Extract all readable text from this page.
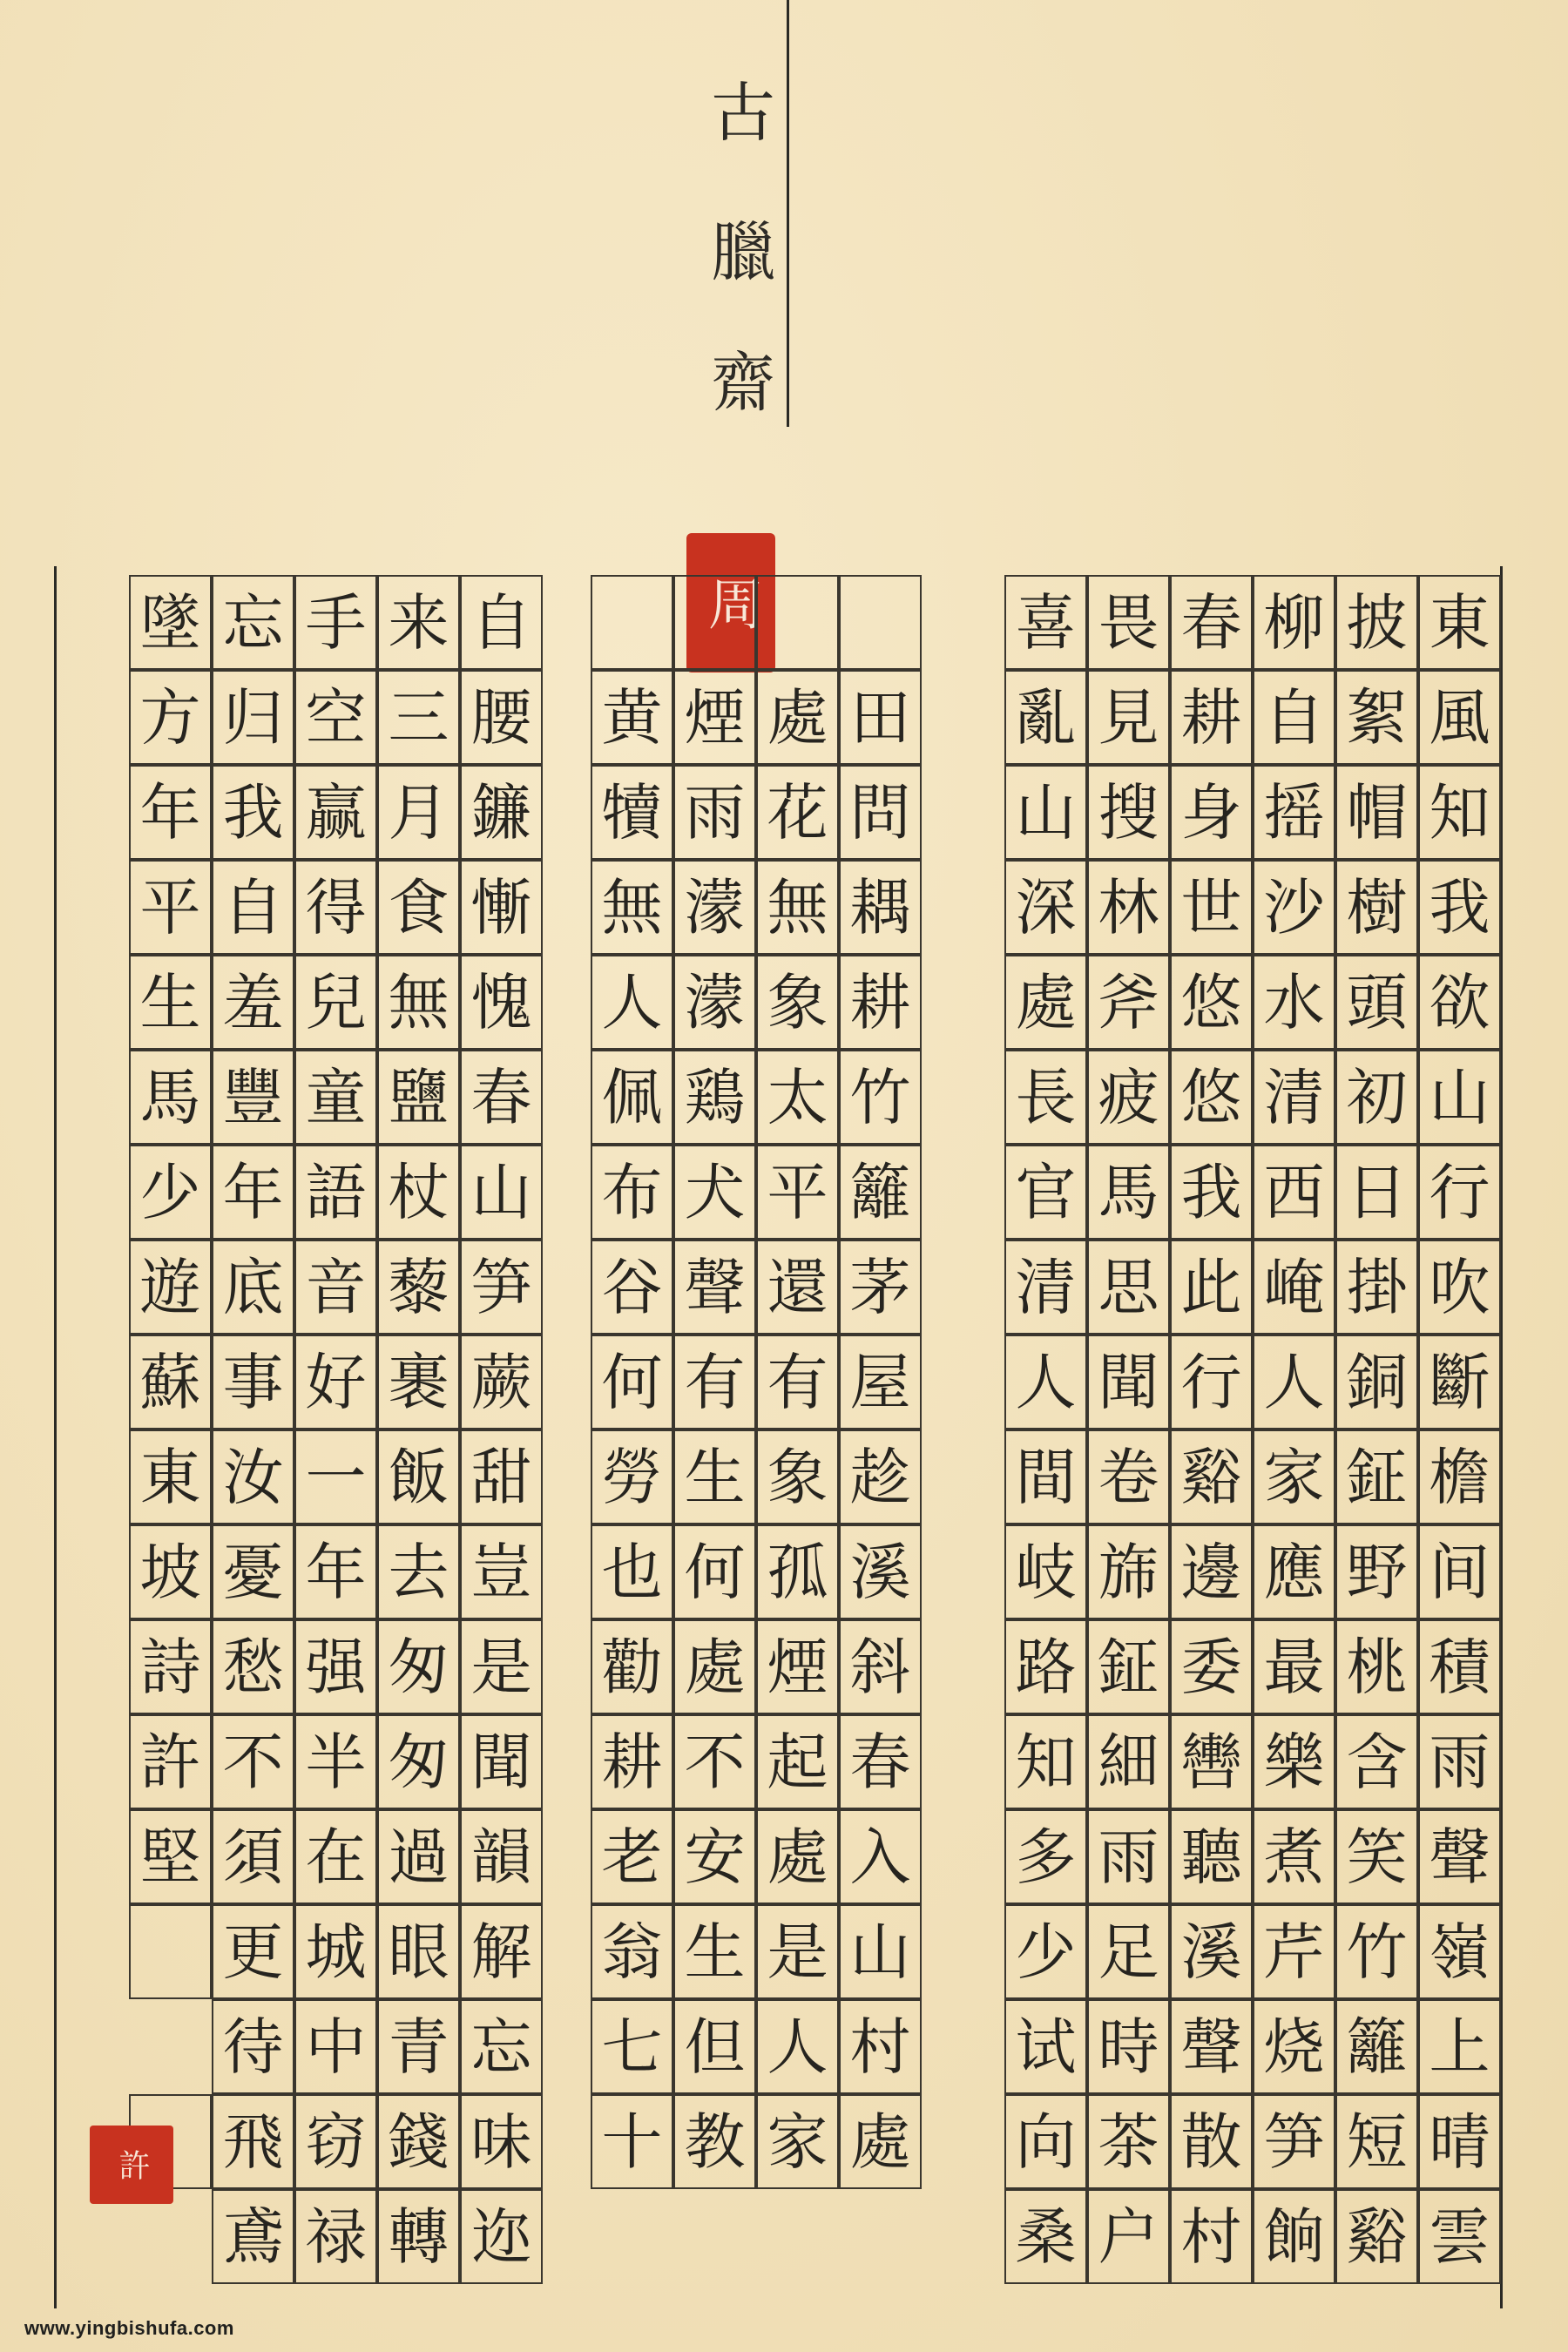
古
臘
齋
周	東
風
知
我
欲
山
行
吹
斷
檐
间
積
雨
聲
嶺
上
晴
雲
披
絮
帽
樹
頭
初
日
掛
銅
鉦
野
桃
含
笑
竹
籬
短
谿
柳
自
摇
沙
水
清
西
崦
人
家
應
最
樂
煮
芹
烧
笋
餉
春
耕
身
世
悠
悠
我
此
行
谿
邊
委
轡
聽
溪
聲
散
村
畏
見
搜
林
斧
疲
馬
思
聞
卷
旆
鉦
細
雨
足
時
茶
户
喜
亂
山
深
處
長
官
清
人
間
岐
路
知
多
少
试
向
桑
田
問
耦
耕
竹
籬
茅
屋
趁
溪
斜
春
入
山
村
處
處
花
無
象
太
平
還
有
象
孤
煙
起
處
是
人
家
煙
雨
濛
濛
鶏
犬
聲
有
生
何
處
不
安
生
但
教
黄
犢
無
人
佩
布
谷
何
勞
也
勸
耕
老
翁
七
十
自
腰
鐮
慚
愧
春
山
笋
蕨
甜
豈
是
聞
韻
解
忘
味
迩
来
三
月
食
無
鹽
杖
藜
裹
飯
去
匆
匆
過
眼
青
錢
轉
手
空
赢
得
兒
童
語
音
好
一
年
强
半
在
城
中
窃
禄
忘
归
我
自
羞
豐
年
底
事
汝
憂
愁
不
須
更
待
飛
鳶
墜
方
年
平
生
馬
少
遊
蘇
東
坡
詩
許
堅
許
www.yingbishufa.com
